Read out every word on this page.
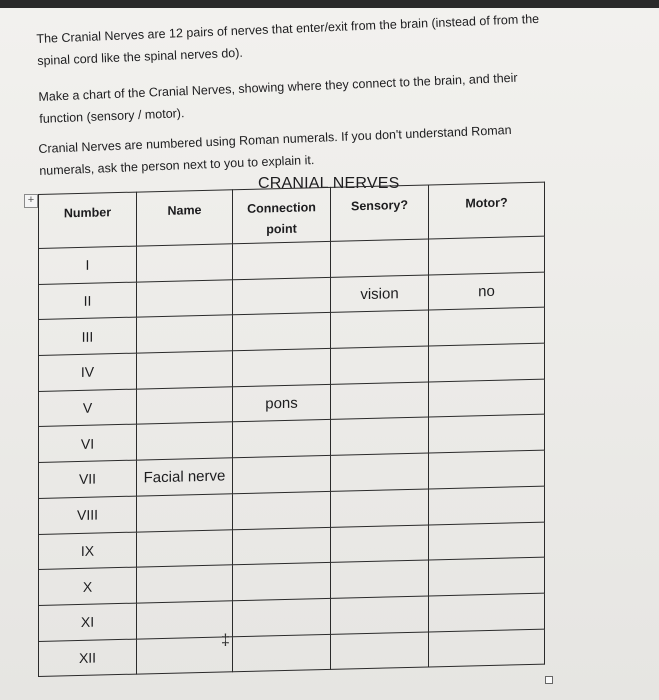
The Cranial Nerves are 12 pairs of nerves that enter/exit from the brain (instead of from the
spinal cord like the spinal nerves do).
Make a chart of the Cranial Nerves, showing where they connect to the brain, and their
function (sensory / motor).
Cranial Nerves are numbered using Roman numerals. If you don't understand Roman
numerals, ask the person next to you to explain it.
CRANIAL NERVES
+
Number	Name	Connection point	Sensory?	Motor?
I				
II			vision	no
III				
IV				
V		pons		
VI				
VII	Facial nerve			
VIII				
IX				
X				
XI				
XII				
‡
